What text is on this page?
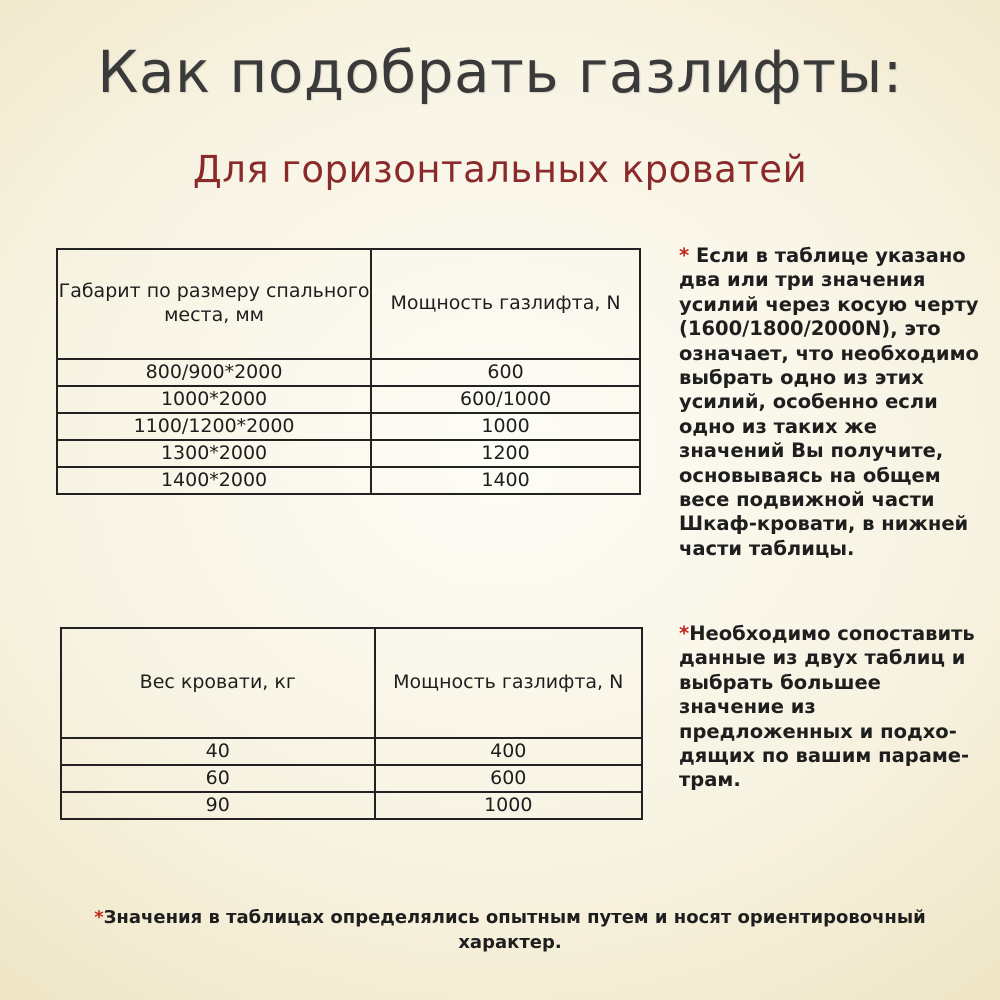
Как подобрать газлифты:
Для горизонтальных кроватей
Габарит по размеру спального места, мм	Мощность газлифта, N
800/900*2000	600
1000*2000	600/1000
1100/1200*2000	1000
1300*2000	1200
1400*2000	1400
* Если в таблице указано два или три значения усилий через косую черту (1600/1800/2000N), это означает, что необходимо выбрать одно из этих усилий, особенно если одно из таких же значений Вы получите, основываясь на общем весе подвижной части Шкаф-кровати, в нижней части таблицы.
Вес кровати, кг	Мощность газлифта, N
40	400
60	600
90	1000
*Необходимо сопоставить данные из двух таблиц и выбрать большее значение из предложенных и подходящих по вашим параметрам.
*Значения в таблицах определялись опытным путем и носят ориентировочный характер.
